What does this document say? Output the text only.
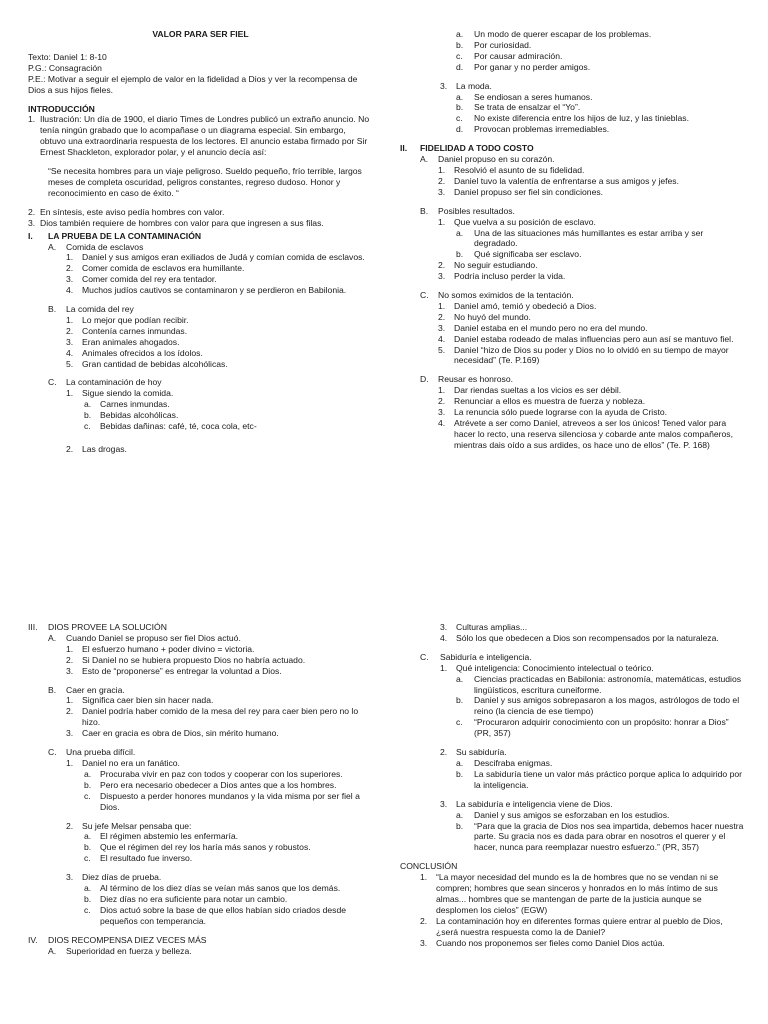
VALOR PARA SER FIEL

Texto: Daniel 1: 8-10

P.G.: Consagración

P.E.: Motivar a seguir el ejemplo de valor en la fidelidad a Dios y ver la recompensa de Dios a sus hijos fieles.

INTRODUCCIÓN
1. Ilustración: Un día de 1900, el diario Times de Londres publicó un extraño anuncio. No tenía ningún grabado que lo acompañase o un diagrama especial. Sin embargo, obtuvo una extraordinaria respuesta de los lectores. El anuncio estaba firmado por Sir Ernest Shackleton, explorador polar, y el anuncio decía así:

“Se necesita hombres para un viaje peligroso. Sueldo pequeño, frío terrible, largos meses de completa oscuridad, peligros constantes, regreso dudoso. Honor y reconocimiento en caso de éxito. “

2. En síntesis, este aviso pedía hombres con valor.
3. Dios también requiere de hombres con valor para que ingresen a sus filas.
I.	LA PRUEBA DE LA CONTAMINACIÓN
A.	Comida de esclavos
1.	Daniel y sus amigos eran exiliados de Judá y comían comida de esclavos.
2.	Comer comida de esclavos era humillante.
3.	Comer comida del rey era tentador.
4.	Muchos judíos cautivos se contaminaron y se perdieron en Babilonia.
B.	La comida del rey
1.	Lo mejor que podían recibir.
2.	Contenía carnes inmundas.
3.	Eran animales ahogados.
4.	Animales ofrecidos a los ídolos.
5.	Gran cantidad de bebidas alcohólicas.
C.	La contaminación de hoy
1.	Sigue siendo la comida.
a.	Carnes inmundas.
b.	Bebidas alcohólicas.
c.	Bebidas dañinas: café, té, coca cola, etc-
2.	Las drogas.
a.	Un modo de querer escapar de los problemas.
b.	Por curiosidad.
c.	Por causar admiración.
d.	Por ganar y no perder amigos.
3.	La moda.
a.	Se endiosan a seres humanos.
b.	Se trata de ensalzar el “Yo”.
c.	No existe diferencia entre los hijos de luz, y las tinieblas.
d.	Provocan problemas irremediables.
II.	FIDELIDAD A TODO COSTO
A.	Daniel propuso en su corazón.
1.	Resolvió el asunto de su fidelidad.
2.	Daniel tuvo la valentía de enfrentarse a sus amigos y jefes.
3.	Daniel propuso ser fiel sin condiciones.
B.	Posibles resultados.
1.	Que vuelva a su posición de esclavo.
a.	Una de las situaciones más humillantes es estar arriba y ser degradado.
b.	Qué significaba ser esclavo.
2.	No seguir estudiando.
3.	Podría incluso perder la vida.
C.	No somos eximidos de la tentación.
1.	Daniel amó, temió y obedeció a Dios.
2.	No huyó del mundo.
3.	Daniel estaba en el mundo pero no era del mundo.
4.	Daniel estaba rodeado de malas influencias pero aun así se mantuvo fiel.
5.	Daniel “hizo de Dios su poder y Dios no lo olvidó en su tiempo de mayor necesidad” (Te. P.169)
D.	Reusar es honroso.
1.	Dar riendas sueltas a los vicios es ser débil.
2.	Renunciar a ellos es muestra de fuerza y nobleza.
3.	La renuncia sólo puede lograrse con la ayuda de Cristo.
4.	Atrévete a ser como Daniel, atreveos a ser los únicos! Tened valor para hacer lo recto, una reserva silenciosa y cobarde ante malos compañeros, mientras dais oído a sus ardides, os hace uno de ellos” (Te. P. 168)
III.	DIOS PROVEE LA SOLUCIÓN
A.	Cuando Daniel se propuso ser fiel Dios actuó.
1.	El esfuerzo humano + poder divino = victoria.
2.	Si Daniel no se hubiera propuesto Dios no habría actuado.
3.	Esto de “proponerse” es entregar la voluntad a Dios.
B.	Caer en gracia.
1.	Significa caer bien sin hacer nada.
2.	Daniel podría haber comido de la mesa del rey para caer bien pero no lo hizo.
3.	Caer en gracia es obra de Dios, sin mérito humano.
C.	Una prueba difícil.
1.	Daniel no era un fanático.
a.	Procuraba vivir en paz con todos y cooperar con los superiores.
b.	Pero era necesario obedecer a Dios antes que a los hombres.
c.	Dispuesto a perder honores mundanos y la vida misma por ser fiel a Dios.
2.	Su jefe Melsar pensaba que:
a.	El régimen abstemio les enfermaría.
b.	Que el régimen del rey los haría más sanos y robustos.
c.	El resultado fue inverso.
3.	Diez días de prueba.
a.	Al término de los diez días se veían más sanos que los demás.
b.	Diez días no era suficiente para notar un cambio.
c.	Dios actuó sobre la base de que ellos habían sido criados desde pequeños con temperancia.
IV.	DIOS RECOMPENSA DIEZ VECES MÁS
A.	Superioridad en fuerza y belleza.
3.	Culturas amplias...
4.	Sólo los que obedecen a Dios son recompensados por la naturaleza.
C.	Sabiduría e inteligencia.
1.	Qué inteligencia: Conocimiento intelectual o teórico.
a.	Ciencias practicadas en Babilonia: astronomía, matemáticas, estudios lingüísticos, escritura cuneiforme.
b.	Daniel y sus amigos sobrepasaron a los magos, astrólogos de todo el reino (la ciencia de ese tiempo)
c.	“Procuraron adquirir conocimiento con un propósito: honrar a Dios” (PR, 357)
2.	Su sabiduría.
a.	Descifraba enigmas.
b.	La sabiduría tiene un valor más práctico porque aplica lo adquirido por la inteligencia.
3.	La sabiduría e inteligencia viene de Dios.
a.	Daniel y sus amigos se esforzaban en los estudios.
b.	“Para que la gracia de Dios nos sea impartida, debemos hacer nuestra parte. Su gracia nos es dada para obrar en nosotros el querer y el hacer, nunca para reemplazar nuestro esfuerzo.” (PR, 357)
CONCLUSIÓN
1.	“La mayor necesidad del mundo es la de hombres que no se vendan ni se compren; hombres que sean sinceros y honrados en lo más íntimo de sus almas... hombres que se mantengan de parte de la justicia aunque se desplomen los cielos” (EGW)
2.	La contaminación hoy en diferentes formas quiere entrar al pueblo de Dios, ¿será nuestra respuesta como la de Daniel?
3.	Cuando nos proponemos ser fieles como Daniel Dios actúa.
